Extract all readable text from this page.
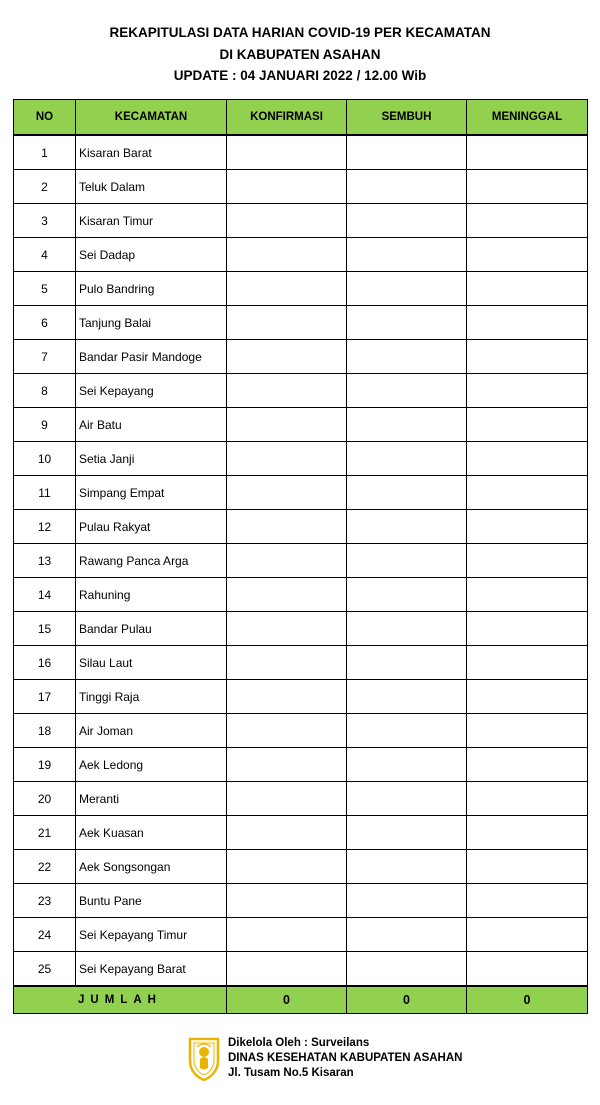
REKAPITULASI DATA HARIAN COVID-19 PER KECAMATAN
DI KABUPATEN ASAHAN
UPDATE : 04 JANUARI 2022 / 12.00 Wib
NO	KECAMATAN	KONFIRMASI	SEMBUH	MENINGGAL
1	Kisaran Barat			
2	Teluk Dalam			
3	Kisaran Timur			
4	Sei Dadap			
5	Pulo Bandring			
6	Tanjung Balai			
7	Bandar Pasir Mandoge			
8	Sei Kepayang			
9	Air Batu			
10	Setia Janji			
11	Simpang Empat			
12	Pulau Rakyat			
13	Rawang Panca Arga			
14	Rahuning			
15	Bandar Pulau			
16	Silau Laut			
17	Tinggi Raja			
18	Air Joman			
19	Aek Ledong			
20	Meranti			
21	Aek Kuasan			
22	Aek Songsongan			
23	Buntu Pane			
24	Sei Kepayang Timur			
25	Sei Kepayang Barat			
JUMLAH		0	0	0
Dikelola Oleh : Surveilans
DINAS KESEHATAN KABUPATEN ASAHAN
Jl. Tusam No.5 Kisaran
